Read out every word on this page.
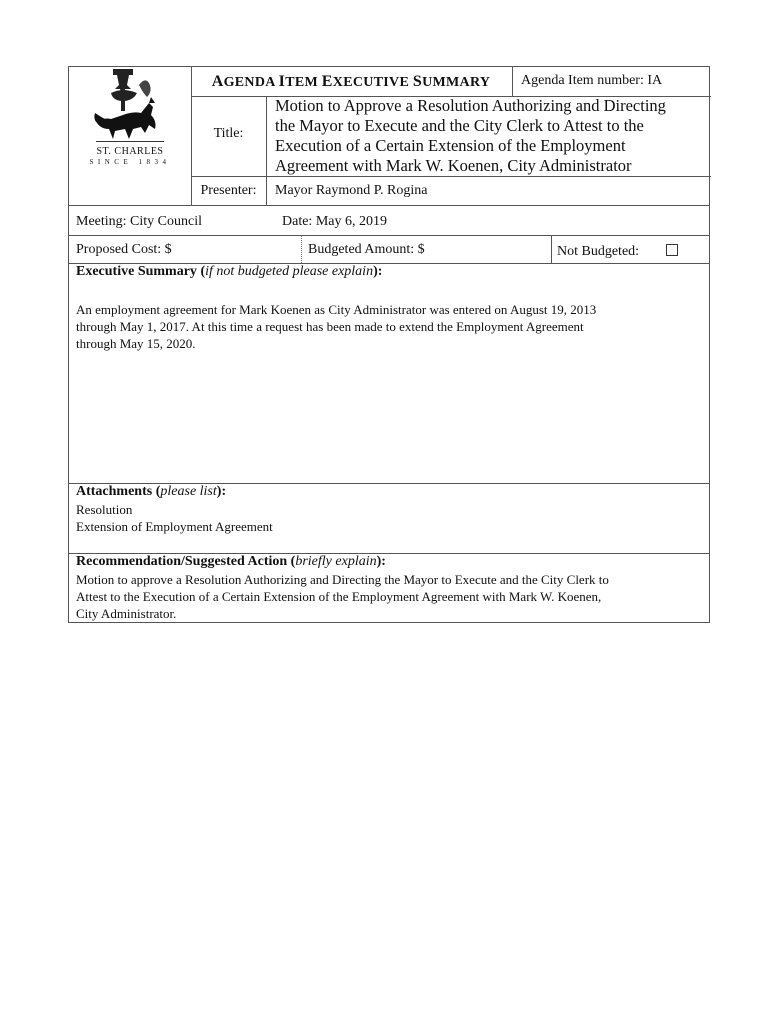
ST. CHARLES
SINCE 1834
AGENDA ITEM EXECUTIVE SUMMARY	Agenda Item number: IA
Title:
Motion to Approve a Resolution Authorizing and Directing
the Mayor to Execute and the City Clerk to Attest to the
Execution of a Certain Extension of the Employment
Agreement with Mark W. Koenen, City Administrator
Presenter:	Mayor Raymond P. Rogina
Meeting: City Council	Date: May 6, 2019
Proposed Cost: $	Budgeted Amount: $	Not Budgeted:
Executive Summary (if not budgeted please explain):
An employment agreement for Mark Koenen as City Administrator was entered on August 19, 2013
through May 1, 2017. At this time a request has been made to extend the Employment Agreement
through May 15, 2020.
Attachments (please list):
Resolution
Extension of Employment Agreement
Recommendation/Suggested Action (briefly explain):
Motion to approve a Resolution Authorizing and Directing the Mayor to Execute and the City Clerk to
Attest to the Execution of a Certain Extension of the Employment Agreement with Mark W. Koenen,
City Administrator.
